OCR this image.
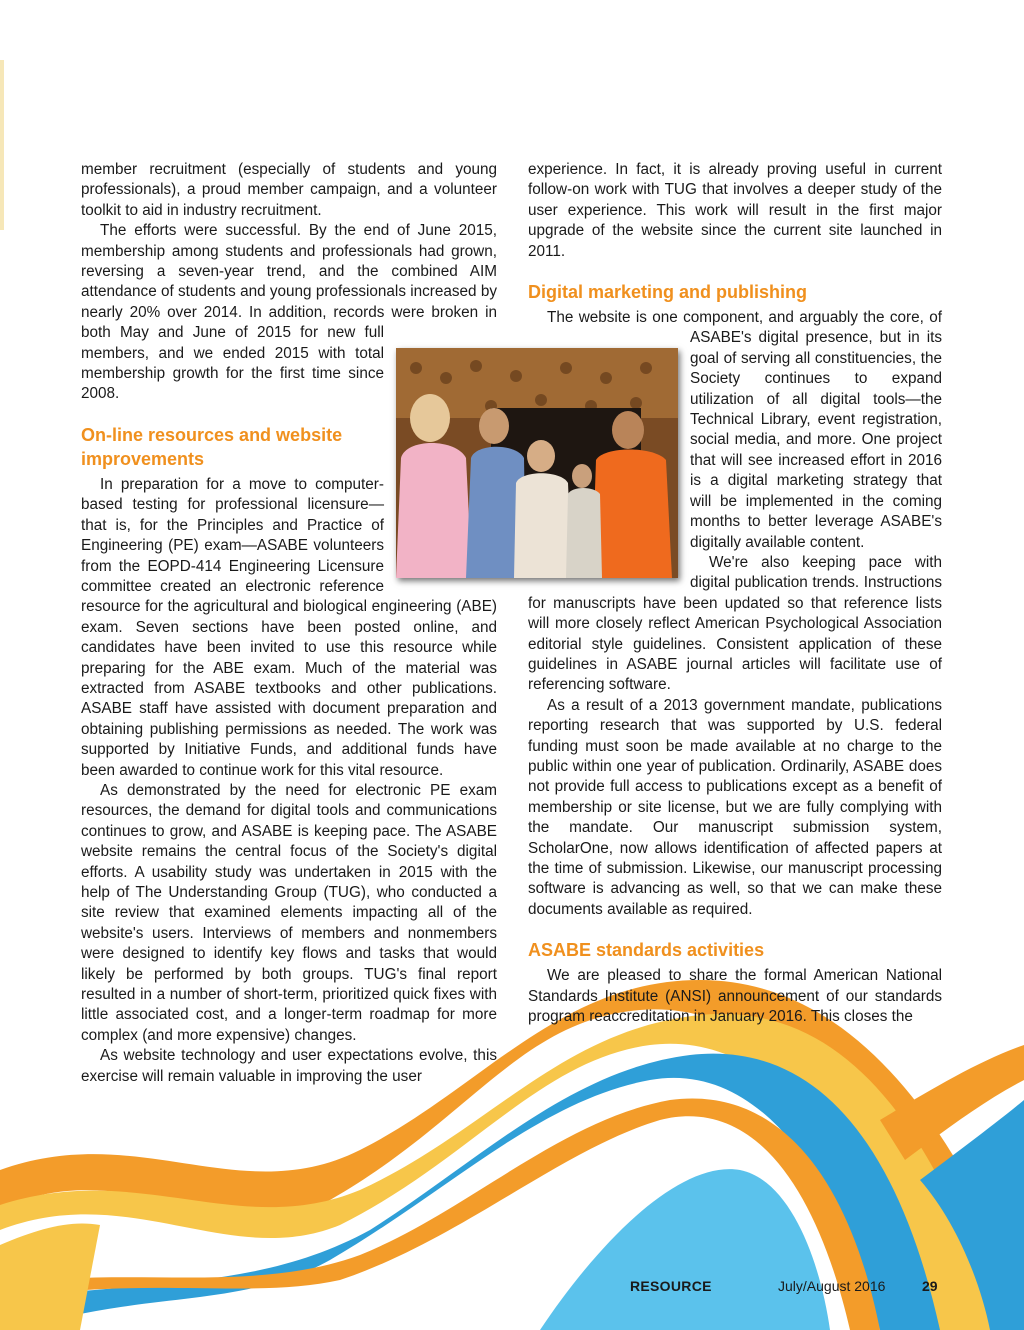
member recruitment (especially of students and young professionals), a proud member campaign, and a volunteer toolkit to aid in industry recruitment.

The efforts were successful. By the end of June 2015, membership among students and professionals had grown, reversing a seven-year trend, and the combined AIM attendance of students and young professionals increased by nearly 20% over 2014. In addition, records were broken in both May and June of 2015 for new full members, and we ended 2015 with total membership growth for the first time since 2008.

On-line resources and website improvements

In preparation for a move to computer-based testing for professional licensure—that is, for the Principles and Practice of Engineering (PE) exam—ASABE volunteers from the EOPD-414 Engineering Licensure committee created an electronic reference resource for the agricultural and biological engineering (ABE) exam. Seven sections have been posted online, and candidates have been invited to use this resource while preparing for the ABE exam. Much of the material was extracted from ASABE textbooks and other publications. ASABE staff have assisted with document preparation and obtaining publishing permissions as needed. The work was supported by Initiative Funds, and additional funds have been awarded to continue work for this vital resource.

As demonstrated by the need for electronic PE exam resources, the demand for digital tools and communications continues to grow, and ASABE is keeping pace. The ASABE website remains the central focus of the Society's digital efforts. A usability study was undertaken in 2015 with the help of The Understanding Group (TUG), who conducted a site review that examined elements impacting all of the website's users. Interviews of members and nonmembers were designed to identify key flows and tasks that would likely be performed by both groups. TUG's final report resulted in a number of short-term, prioritized quick fixes with little associated cost, and a longer-term roadmap for more complex (and more expensive) changes.

As website technology and user expectations evolve, this exercise will remain valuable in improving the user

experience. In fact, it is already proving useful in current follow-on work with TUG that involves a deeper study of the user experience. This work will result in the first major upgrade of the website since the current site launched in 2011.

Digital marketing and publishing

The website is one component, and arguably the core, of ASABE's digital presence, but in its goal of serving all constituencies, the Society continues to expand utilization of all digital tools—the Technical Library, event registration, social media, and more. One project that will see increased effort in 2016 is a digital marketing strategy that will be implemented in the coming months to better leverage ASABE's digitally available content.

We're also keeping pace with digital publication trends. Instructions for manuscripts have been updated so that reference lists will more closely reflect American Psychological Association editorial style guidelines. Consistent application of these guidelines in ASABE journal articles will facilitate use of referencing software.

As a result of a 2013 government mandate, publications reporting research that was supported by U.S. federal funding must soon be made available at no charge to the public within one year of publication. Ordinarily, ASABE does not provide full access to publications except as a benefit of membership or site license, but we are fully complying with the mandate. Our manuscript submission system, ScholarOne, now allows identification of affected papers at the time of submission. Likewise, our manuscript processing software is advancing as well, so that we can make these documents available as required.

ASABE standards activities

We are pleased to share the formal American National Standards Institute (ANSI) announcement of our standards program reaccreditation in January 2016. This closes the

RESOURCE	July/August 2016	29
